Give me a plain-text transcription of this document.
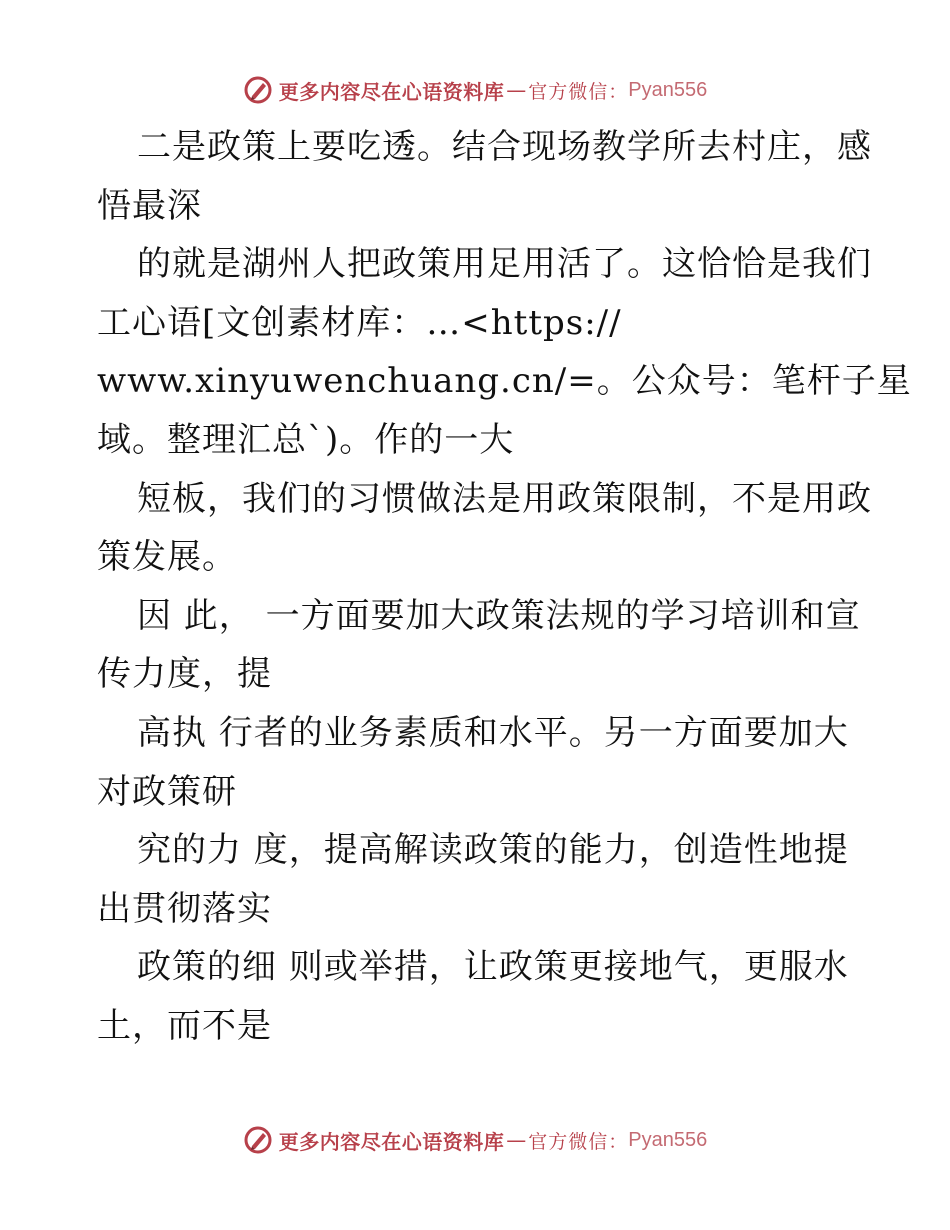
更多内容尽在心语资料库 — 官方微信： Pyan556
二是政策上要吃透。结合现场教学所去村庄，感
悟最深
的就是湖州人把政策用足用活了。这恰恰是我们
工心语[文创素材库：…<https://
www.xinyuwenchuang.cn/=。公众号：笔杆子星
域。整理汇总`)。作的一大
短板，我们的习惯做法是用政策限制，不是用政
策发展。
因 此， 一方面要加大政策法规的学习培训和宣
传力度，提
高执 行者的业务素质和水平。另一方面要加大
对政策研
究的力 度，提高解读政策的能力，创造性地提
出贯彻落实
政策的细 则或举措，让政策更接地气，更服水
土，而不是
更多内容尽在心语资料库 — 官方微信： Pyan556
